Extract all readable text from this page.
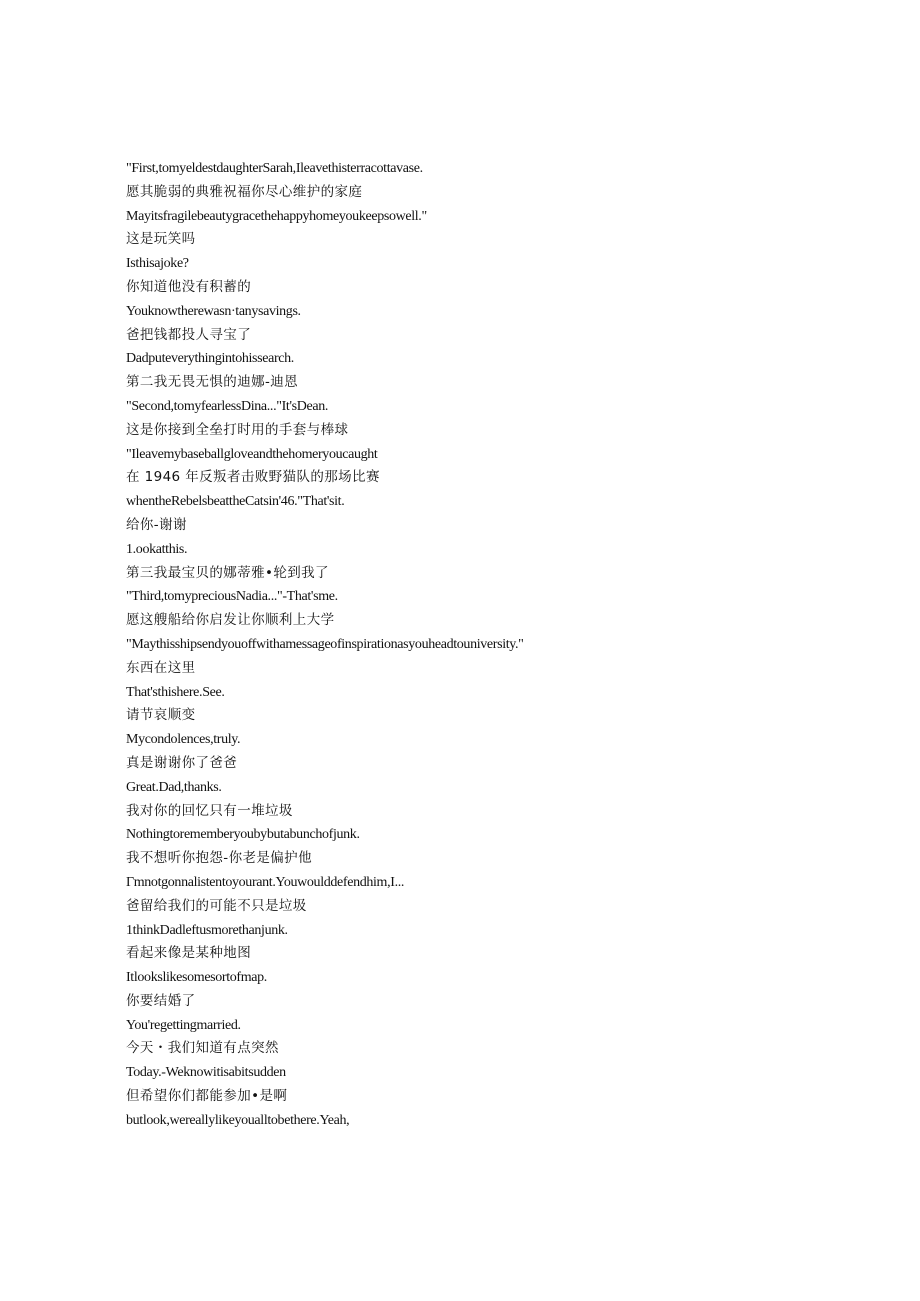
"First,tomyeldestdaughterSarah,Ileavethisterracottavase.
愿其脆弱的典雅祝福你尽心维护的家庭
Mayitsfragilebeautygracethehappyhomeyoukeepsowell."
这是玩笑吗
Isthisajoke?
你知道他没有积蓄的
Youknowtherewasn·tanysavings.
爸把钱都投人寻宝了
Dadputeverythingintohissearch.
第二我无畏无惧的迪娜-迪恩
"Second,tomyfearlessDina..."It'sDean.
这是你接到全垒打时用的手套与棒球
"Ileavemybaseballgloveandthehomeryoucaught
在 1946 年反叛者击败野猫队的那场比赛
whentheRebelsbeattheCatsin'46."That'sit.
给你-谢谢
1.ookatthis.
第三我最宝贝的娜蒂雅•轮到我了
"Third,tomypreciousNadia..."-That'sme.
愿这艘船给你启发让你顺利上大学
"Maythisshipsendyouoffwithamessageofinspirationasyouheadtouniversity."
东西在这里
That'sthishere.See.
请节哀顺变
Mycondolences,truly.
真是谢谢你了爸爸
Great.Dad,thanks.
我对你的回忆只有一堆垃圾
Nothingtorememberyoubybutabunchofjunk.
我不想听你抱怨-你老是偏护他
Γmnotgonnalistentoyourant.Youwoulddefendhim,I...
爸留给我们的可能不只是垃圾
1thinkDadleftusmorethanjunk.
看起来像是某种地图
Itlookslikesomesortofmap.
你要结婚了
You'regettingmarried.
今天・我们知道有点突然
Today.-Weknowitisabitsudden
但希望你们都能参加•是啊
butlook,wereallylikeyoualltobethere.Yeah,
